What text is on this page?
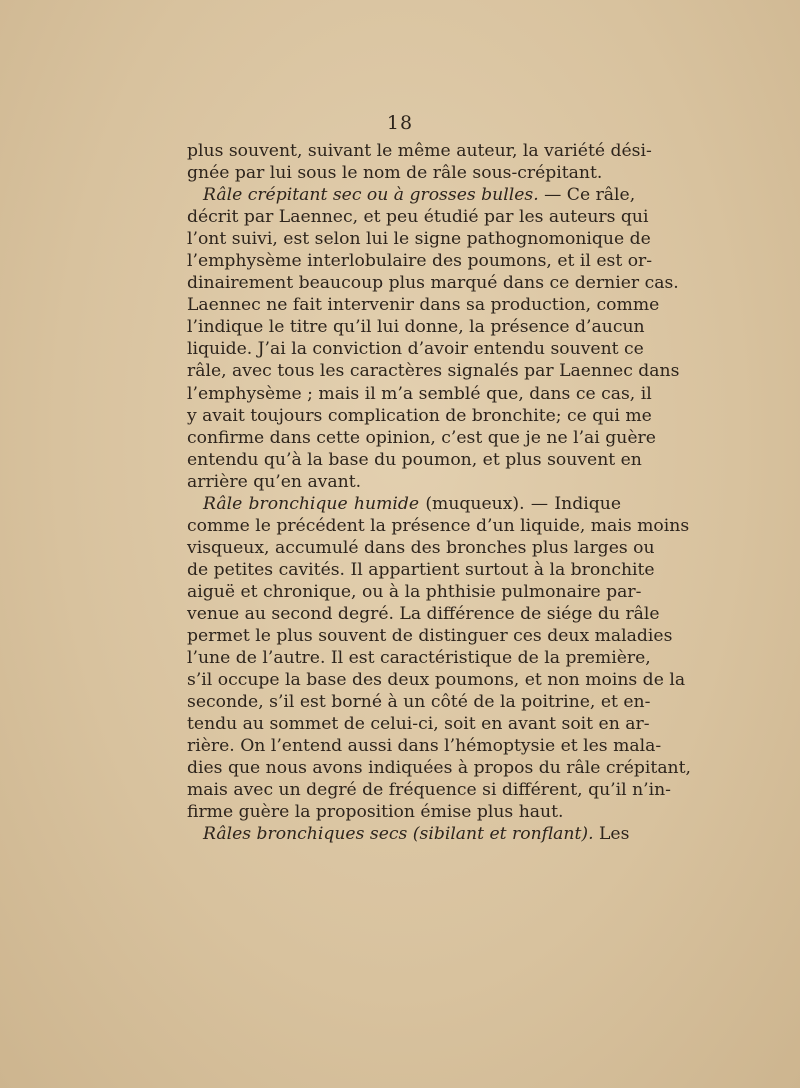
18
plus souvent, suivant le même auteur, la variété dési-
gnée par lui sous le nom de râle sous-crépitant.
Râle crépitant sec ou à grosses bulles. — Ce râle,
décrit par Laennec, et peu étudié par les auteurs qui
l’ont suivi, est selon lui le signe pathognomonique de
l’emphysème interlobulaire des poumons, et il est or-
dinairement beaucoup plus marqué dans ce dernier cas.
Laennec ne fait intervenir dans sa production, comme
l’indique le titre qu’il lui donne, la présence d’aucun
liquide. J’ai la conviction d’avoir entendu souvent ce
râle, avec tous les caractères signalés par Laennec dans
l’emphysème ; mais il m’a semblé que, dans ce cas, il
y avait toujours complication de bronchite; ce qui me
confirme dans cette opinion, c’est que je ne l’ai guère
entendu qu’à la base du poumon, et plus souvent en
arrière qu’en avant.
Râle bronchique humide (muqueux). — Indique
comme le précédent la présence d’un liquide, mais moins
visqueux, accumulé dans des bronches plus larges ou
de petites cavités. Il appartient surtout à la bronchite
aiguë et chronique, ou à la phthisie pulmonaire par-
venue au second degré. La différence de siége du râle
permet le plus souvent de distinguer ces deux maladies
l’une de l’autre. Il est caractéristique de la première,
s’il occupe la base des deux poumons, et non moins de la
seconde, s’il est borné à un côté de la poitrine, et en-
tendu au sommet de celui-ci, soit en avant soit en ar-
rière. On l’entend aussi dans l’hémoptysie et les mala-
dies que nous avons indiquées à propos du râle crépitant,
mais avec un degré de fréquence si différent, qu’il n’in-
firme guère la proposition émise plus haut.
Râles bronchiques secs (sibilant et ronflant). Les
